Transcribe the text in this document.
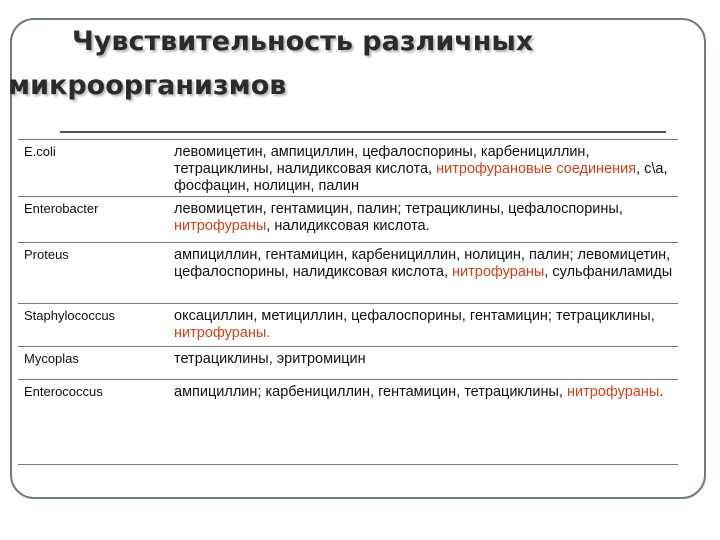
Чувствительность различных
микроорганизмов
E.coli	левомицетин, ампициллин, цефалоспорины, карбенициллин, тетрациклины, налидиксовая кислота, нитрофурановые соединения, с\а, фосфацин, нолицин, палин
Enterobacter	левомицетин, гентамицин, палин; тетрациклины, цефалоспорины, нитрофураны, налидиксовая кислота.
Proteus	ампициллин, гентамицин, карбенициллин, нолицин, палин; левомицетин, цефалоспорины, налидиксовая кислота, нитрофураны, сульфаниламиды
Staphylococcus	оксациллин, метициллин, цефалоспорины, гентамицин; тетрациклины, нитрофураны.
Mycoplas	тетрациклины, эритромицин
Enterococcus	ампициллин; карбенициллин, гентамицин, тетрациклины, нитрофураны.
